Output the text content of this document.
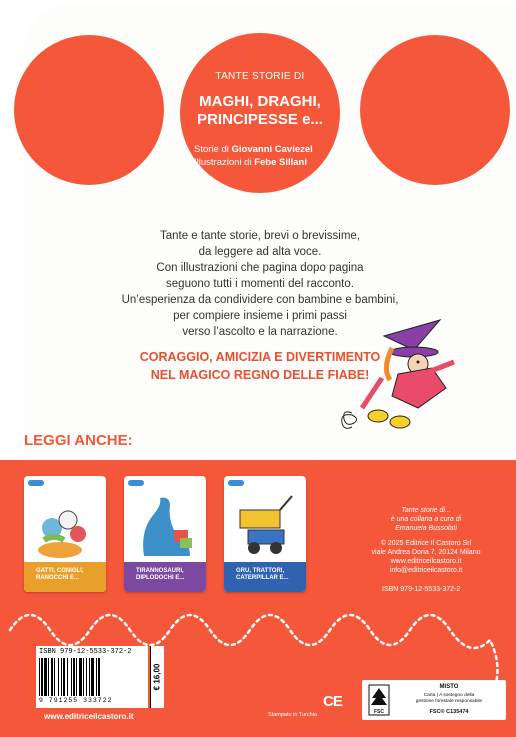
TANTE STORIE DI
MAGHI, DRAGHI,
PRINCIPESSE e...
Storie di Giovanni Caviezel
Illustrazioni di Febe Sillani
Tante e tante storie, brevi o brevissime,
da leggere ad alta voce.
Con illustrazioni che pagina dopo pagina
seguono tutti i momenti del racconto.
Un’esperienza da condividere con bambine e bambini,
per compiere insieme i primi passi
verso l’ascolto e la narrazione.
CORAGGIO, AMICIZIA E DIVERTIMENTO
NEL MAGICO REGNO DELLE FIABE!
LEGGI ANCHE:
GATTI, CONIGLI,
RANOCCHI E...
TIRANNOSAURI,
DIPLODOCHI E...
GRU, TRATTORI,
CATERPILLAR E...

Tante storie di...
è una collana a cura di
Emanuela Bussolati

© 2025 Editrice Il Castoro Srl
viale Andrea Doria 7, 20124 Milano
www.editriceilcastoro.it
info@editriceilcastoro.it

ISBN 979-12-5533-372-2
ISBN 979-12-5533-372-2
9 791255 333722
€ 16,00
www.editriceilcastoro.it	Stampato in Turchia
CE
FSC
MISTO
Carta | A sostegno della
gestione forestale responsabile
FSC® C135474
